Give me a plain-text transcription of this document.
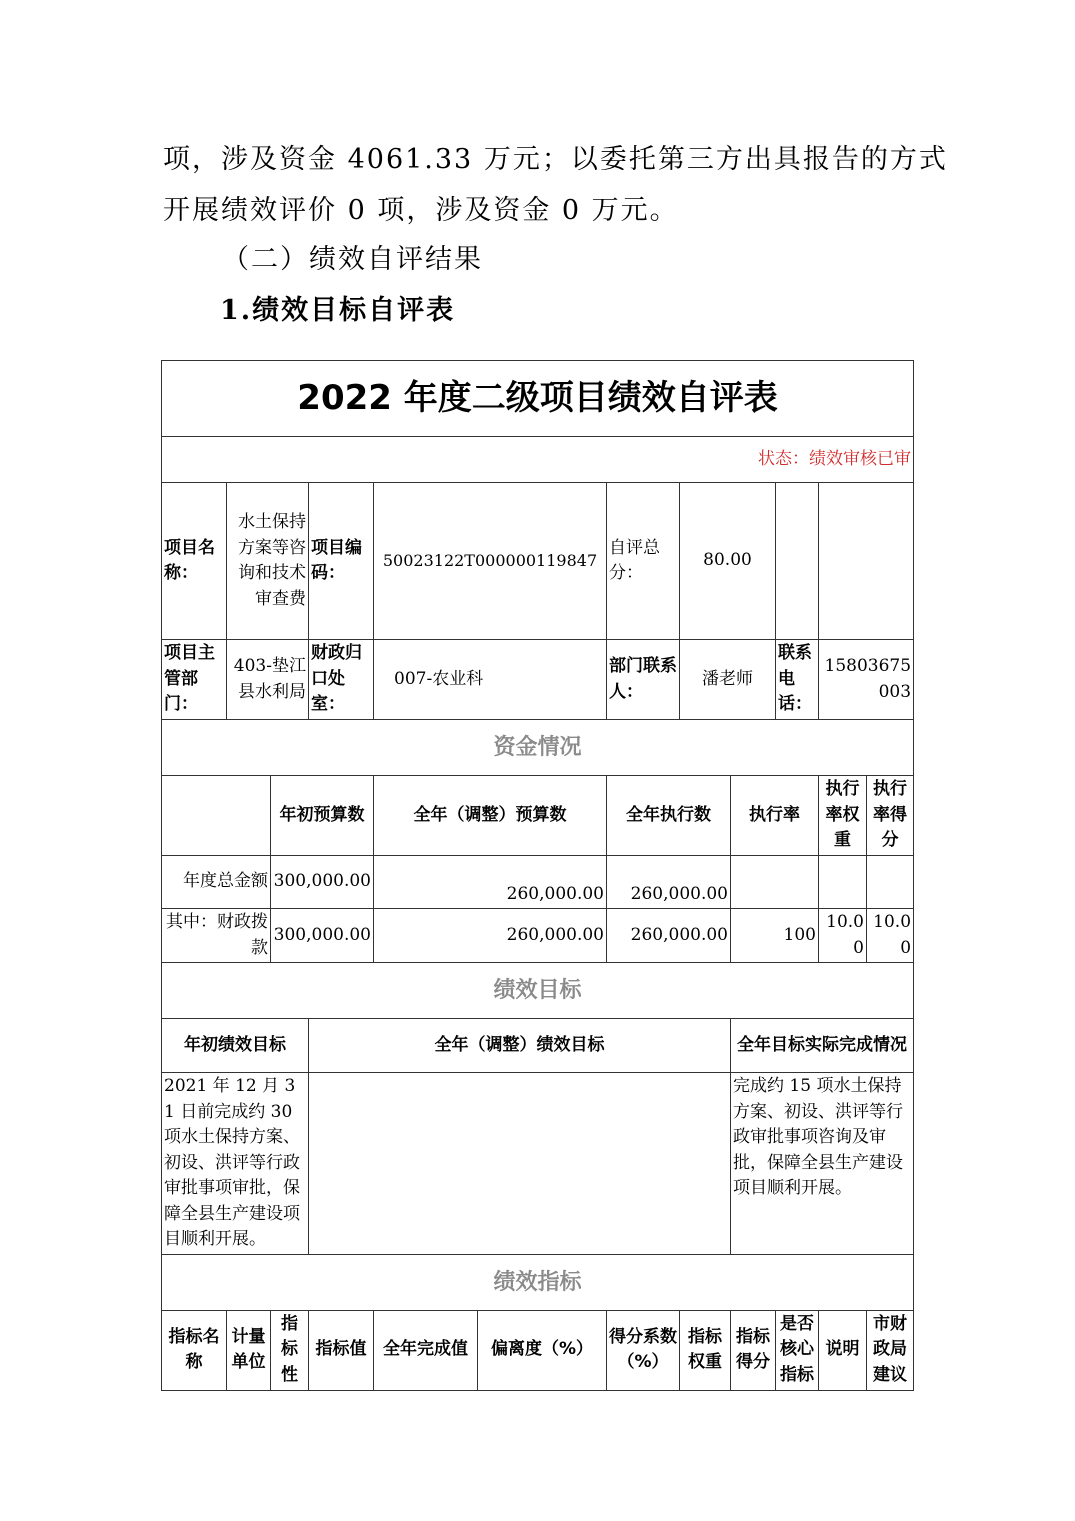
项，涉及资金 4061.33 万元；以委托第三方出具报告的方式
开展绩效评价 0 项，涉及资金 0 万元。
（二）绩效自评结果
1.绩效目标自评表
2022 年度二级项目绩效自评表											
状态：绩效审核已审											
项目名称：	水土保持方案等咨询和技术审查费		项目编码：	50023122T000000119847		自评总分：	80.00				
项目主管部门：	403-垫江县水利局		财政归口处室：	007-农业科		部门联系人：	潘老师		联系电话：	15803675003	
资金情况											
		年初预算数		全年（调整）预算数		全年执行数		执行率		执行率权重	执行率得分
年度总金额		300,000.00		260,000.00		260,000.00					
其中：财政拨款		300,000.00		260,000.00		260,000.00		100		10.00	10.00
绩效目标											
年初绩效目标			全年（调整）绩效目标					全年目标实际完成情况			
2021 年 12 月 31 日前完成约 30 项水土保持方案、初设、洪评等行政审批事项审批，保障全县生产建设项目顺利开展。								完成约 15 项水土保持方案、初设、洪评等行政审批事项咨询及审批，保障全县生产建设项目顺利开展。			
绩效指标											
指标名称	计量单位	指标性	指标值	全年完成值	偏离度（%）	得分系数（%）	指标权重	指标得分	是否核心指标	说明	市财政局建议
